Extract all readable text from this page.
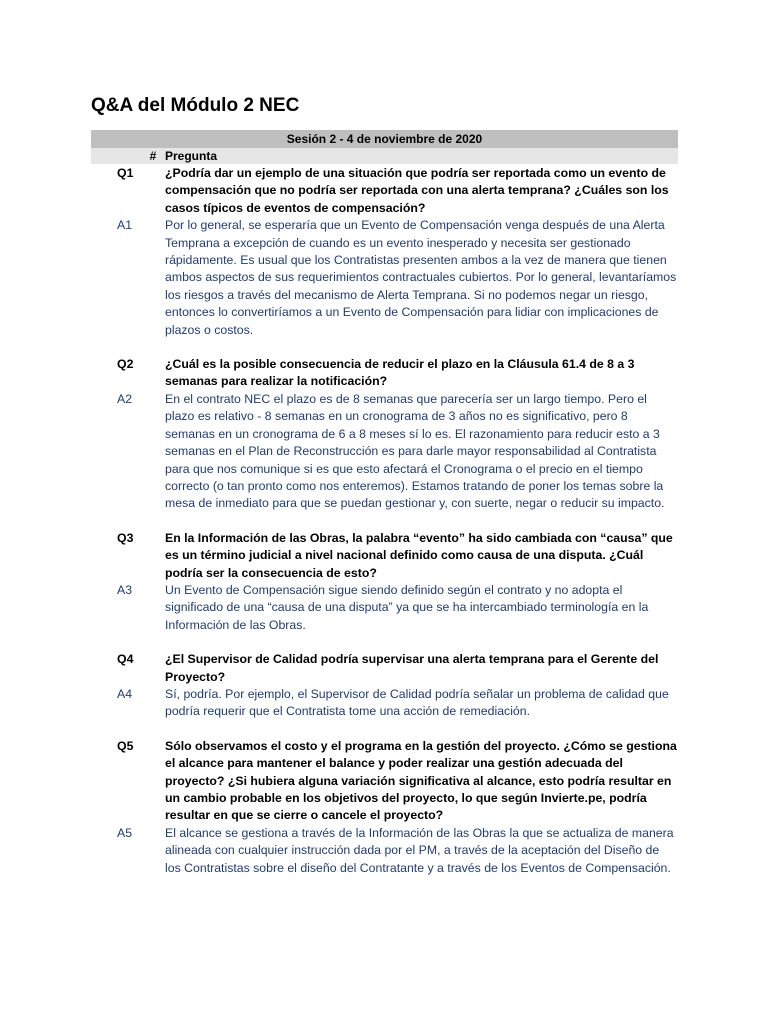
Q&A del Módulo 2 NEC
Sesión 2 - 4 de noviembre de 2020
# Pregunta
Q1	¿Podría dar un ejemplo de una situación que podría ser reportada como un evento de compensación que no podría ser reportada con una alerta temprana? ¿Cuáles son los casos típicos de eventos de compensación?
A1	Por lo general, se esperaría que un Evento de Compensación venga después de una Alerta Temprana a excepción de cuando es un evento inesperado y necesita ser gestionado rápidamente. Es usual que los Contratistas presenten ambos a la vez de manera que tienen ambos aspectos de sus requerimientos contractuales cubiertos. Por lo general, levantaríamos los riesgos a través del mecanismo de Alerta Temprana. Si no podemos negar un riesgo, entonces lo convertiríamos a un Evento de Compensación para lidiar con implicaciones de plazos o costos.
Q2	¿Cuál es la posible consecuencia de reducir el plazo en la Cláusula 61.4 de 8 a 3 semanas para realizar la notificación?
A2	En el contrato NEC el plazo es de 8 semanas que parecería ser un largo tiempo. Pero el plazo es relativo - 8 semanas en un cronograma de 3 años no es significativo, pero 8 semanas en un cronograma de 6 a 8 meses sí lo es. El razonamiento para reducir esto a 3 semanas en el Plan de Reconstrucción es para darle mayor responsabilidad al Contratista para que nos comunique si es que esto afectará el Cronograma o el precio en el tiempo correcto (o tan pronto como nos enteremos). Estamos tratando de poner los temas sobre la mesa de inmediato para que se puedan gestionar y, con suerte, negar o reducir su impacto.
Q3	En la Información de las Obras, la palabra “evento” ha sido cambiada con “causa” que es un término judicial a nivel nacional definido como causa de una disputa. ¿Cuál podría ser la consecuencia de esto?
A3	Un Evento de Compensación sigue siendo definido según el contrato y no adopta el significado de una “causa de una disputa” ya que se ha intercambiado terminología en la Información de las Obras.
Q4	¿El Supervisor de Calidad podría supervisar una alerta temprana para el Gerente del Proyecto?
A4	Sí, podría. Por ejemplo, el Supervisor de Calidad podría señalar un problema de calidad que podría requerir que el Contratista tome una acción de remediación.
Q5	Sólo observamos el costo y el programa en la gestión del proyecto. ¿Cómo se gestiona el alcance para mantener el balance y poder realizar una gestión adecuada del proyecto? ¿Si hubiera alguna variación significativa al alcance, esto podría resultar en un cambio probable en los objetivos del proyecto, lo que según Invierte.pe, podría resultar en que se cierre o cancele el proyecto?
A5	El alcance se gestiona a través de la Información de las Obras la que se actualiza de manera alineada con cualquier instrucción dada por el PM, a través de la aceptación del Diseño de los Contratistas sobre el diseño del Contratante y a través de los Eventos de Compensación.
